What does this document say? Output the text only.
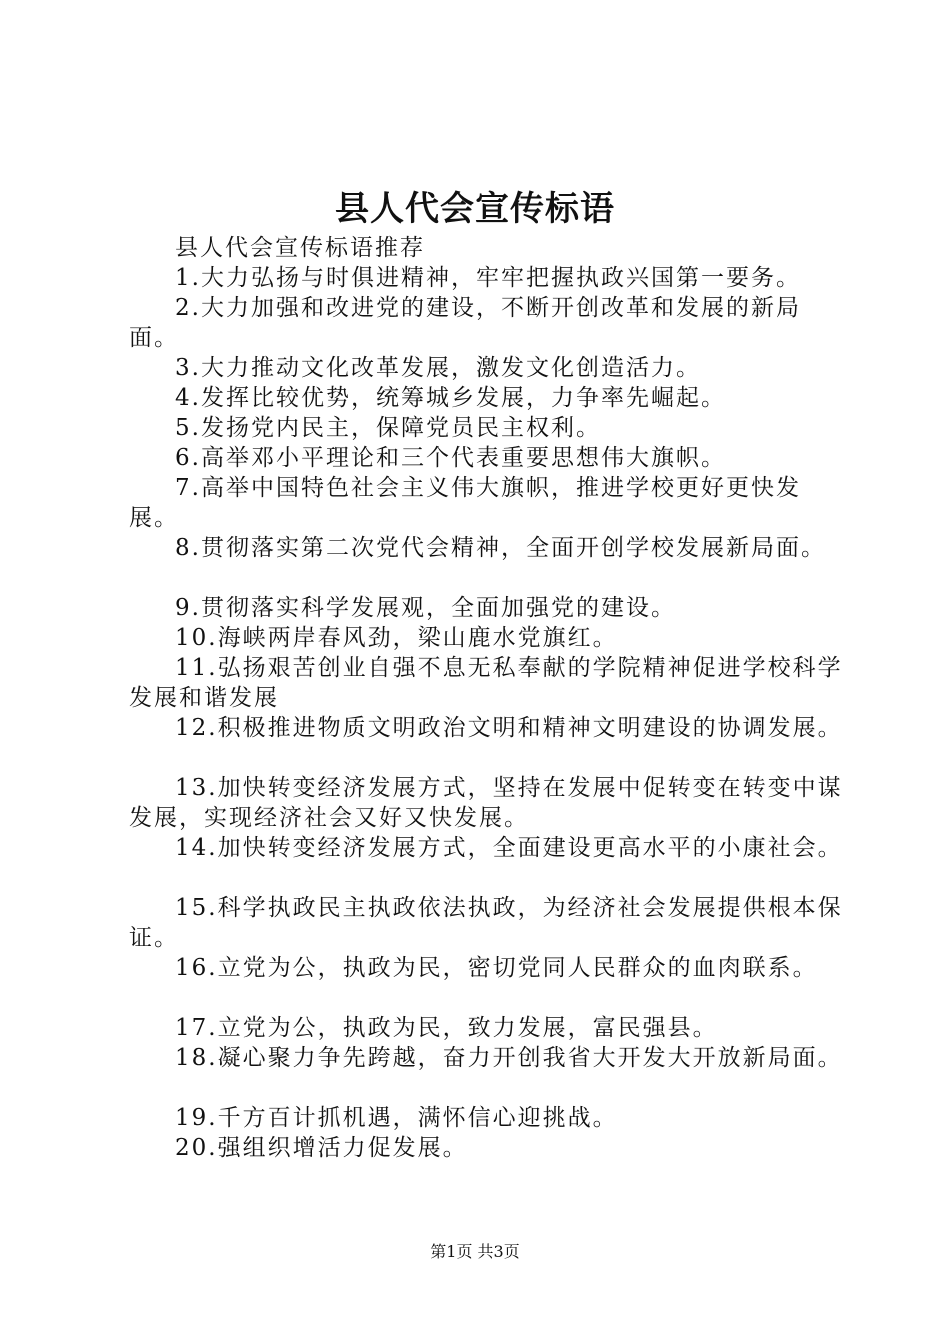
县人代会宣传标语

县人代会宣传标语推荐

1.大力弘扬与时俱进精神，牢牢把握执政兴国第一要务。

2.大力加强和改进党的建设，不断开创改革和发展的新局面。

3.大力推动文化改革发展，激发文化创造活力。

4.发挥比较优势，统筹城乡发展，力争率先崛起。

5.发扬党内民主，保障党员民主权利。

6.高举邓小平理论和三个代表重要思想伟大旗帜。

7.高举中国特色社会主义伟大旗帜，推进学校更好更快发展。

8.贯彻落实第二次党代会精神，全面开创学校发展新局面。

9.贯彻落实科学发展观，全面加强党的建设。

10.海峡两岸春风劲，梁山鹿水党旗红。

11.弘扬艰苦创业自强不息无私奉献的学院精神促进学校科学发展和谐发展

12.积极推进物质文明政治文明和精神文明建设的协调发展。

13.加快转变经济发展方式，坚持在发展中促转变在转变中谋发展，实现经济社会又好又快发展。

14.加快转变经济发展方式，全面建设更高水平的小康社会。

15.科学执政民主执政依法执政，为经济社会发展提供根本保证。

16.立党为公，执政为民，密切党同人民群众的血肉联系。

17.立党为公，执政为民，致力发展，富民强县。

18.凝心聚力争先跨越，奋力开创我省大开发大开放新局面。

19.千方百计抓机遇，满怀信心迎挑战。

20.强组织增活力促发展。

第1页 共3页
